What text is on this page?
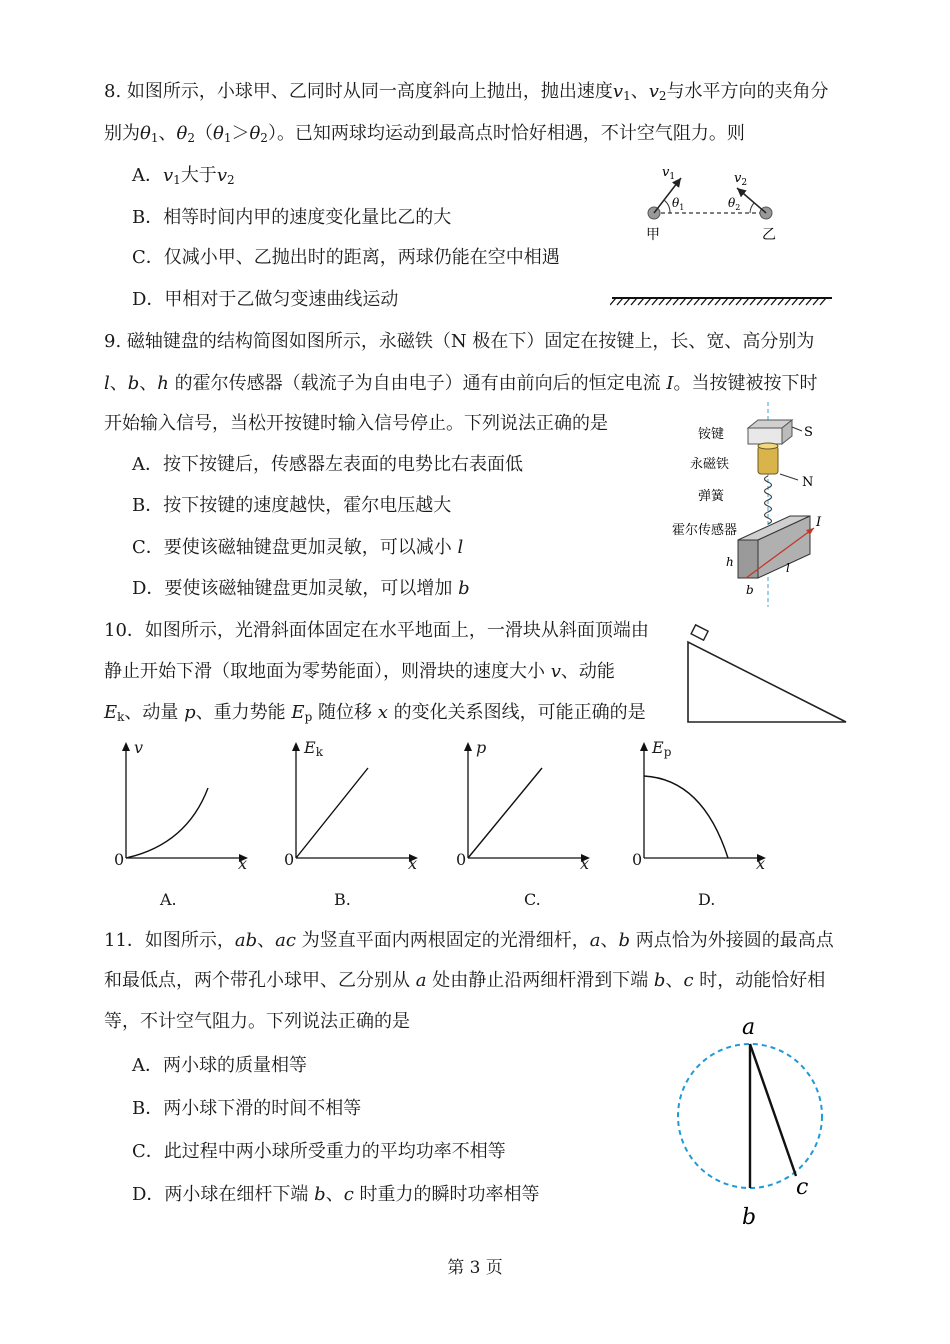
8. 如图所示，小球甲、乙同时从同一高度斜向上抛出，抛出速度$v_1$、$v_2$与水平方向的夹角分
别为$\theta_1$、$\theta_2(\theta_1>\theta_2)$。已知两球均运动到最高点时恰好相遇，不计空气阻力。则
A．$v_1$大于$v_2$
B．相等时间内甲的速度变化量比乙的大
C．仅减小甲、乙抛出时的距离，两球仍能在空中相遇
D．甲相对于乙做匀变速曲线运动
$v_1$	$v_2$
$\theta_1$	$\theta_2$
甲	乙
9. 磁轴键盘的结构简图如图所示，永磁铁（N 极在下）固定在按键上，长、宽、高分别为
l、b、h 的霍尔传感器（载流子为自由电子）通有由前向后的恒定电流 I。当按键被按下时
开始输入信号，当松开按键时输入信号停止。下列说法正确的是
A．按下按键后，传感器左表面的电势比右表面低
B．按下按键的速度越快，霍尔电压越大
C．要使该磁轴键盘更加灵敏，可以减小 l
D．要使该磁轴键盘更加灵敏，可以增加 b
铵键
永磁铁
弹簧
霍尔传感器
S
N
I
h	l
b
10．如图所示，光滑斜面体固定在水平地面上，一滑块从斜面顶端由
静止开始下滑（取地面为零势能面），则滑块的速度大小 v、动能
$E_k$、动量 p、重力势能 $E_p$ 随位移 x 的变化关系图线，可能正确的是
v
0	x
A.
$E_k$
0	x
B.
p
0	x
C.
$E_p$
0	x
D.
11．如图所示，ab、ac 为竖直平面内两根固定的光滑细杆，a、b 两点恰为外接圆的最高点
和最低点，两个带孔小球甲、乙分别从 a 处由静止沿两细杆滑到下端 b、c 时，动能恰好相
等，不计空气阻力。下列说法正确的是
A．两小球的质量相等
B．两小球下滑的时间不相等
C．此过程中两小球所受重力的平均功率不相等
D．两小球在细杆下端 b、c 时重力的瞬时功率相等
a
b
c
第 3 页
